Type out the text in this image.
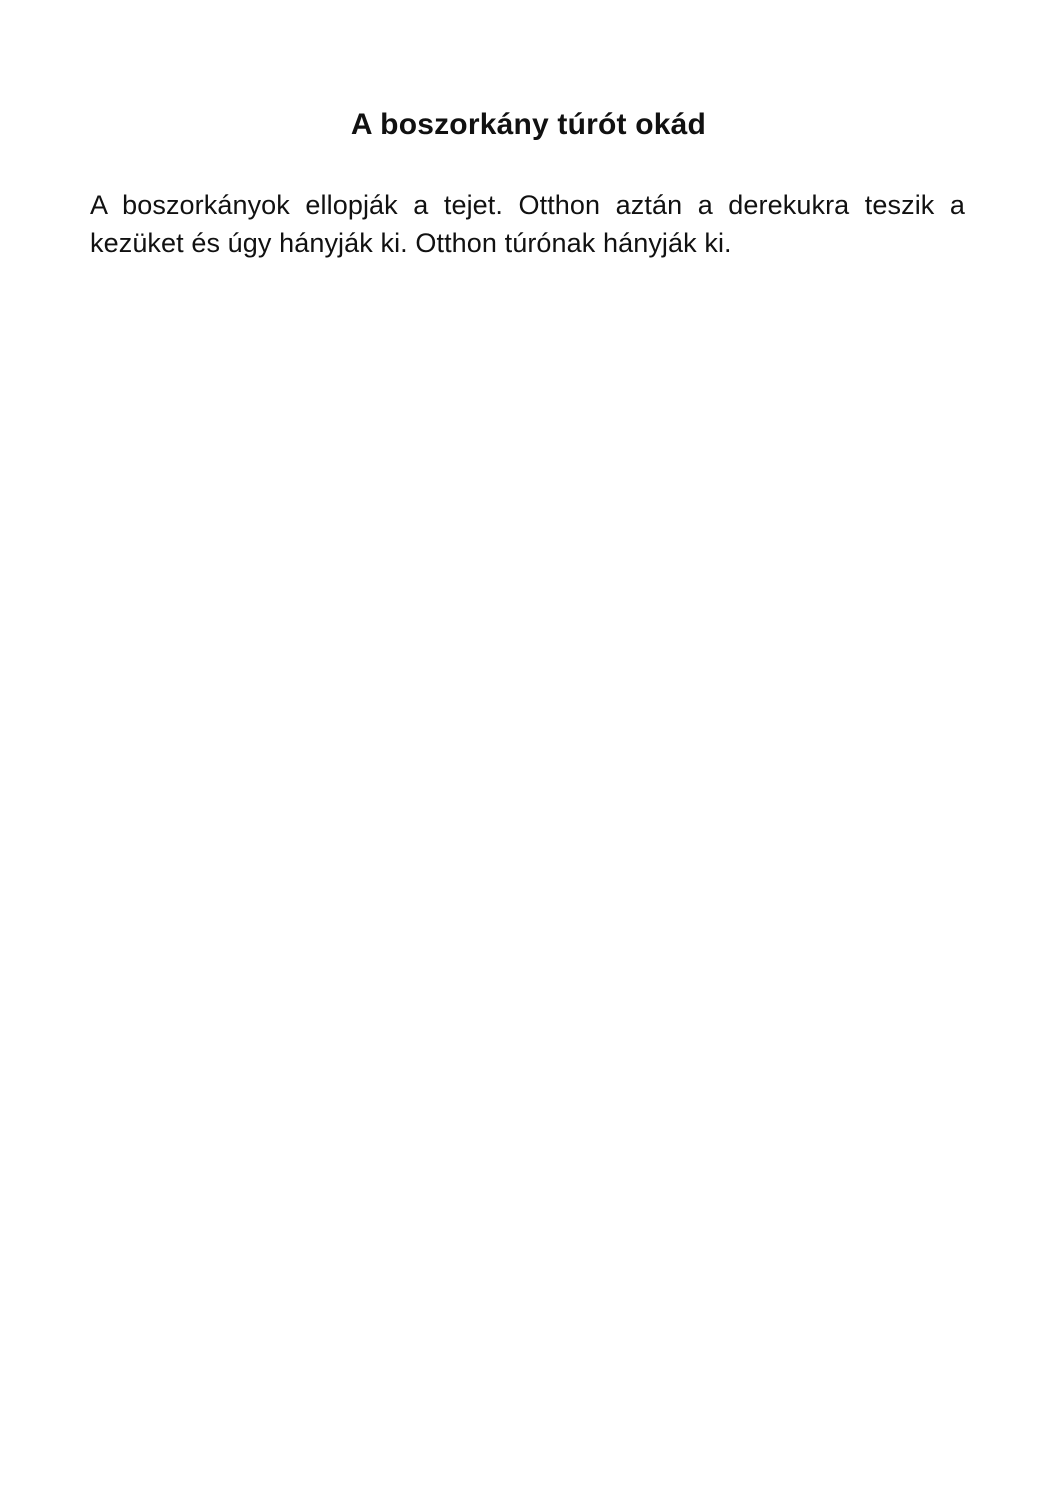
A boszorkány túrót okád

A boszorkányok ellopják a tejet. Otthon aztán a derekukra teszik a kezüket és úgy hányják ki. Otthon túrónak hányják ki.
